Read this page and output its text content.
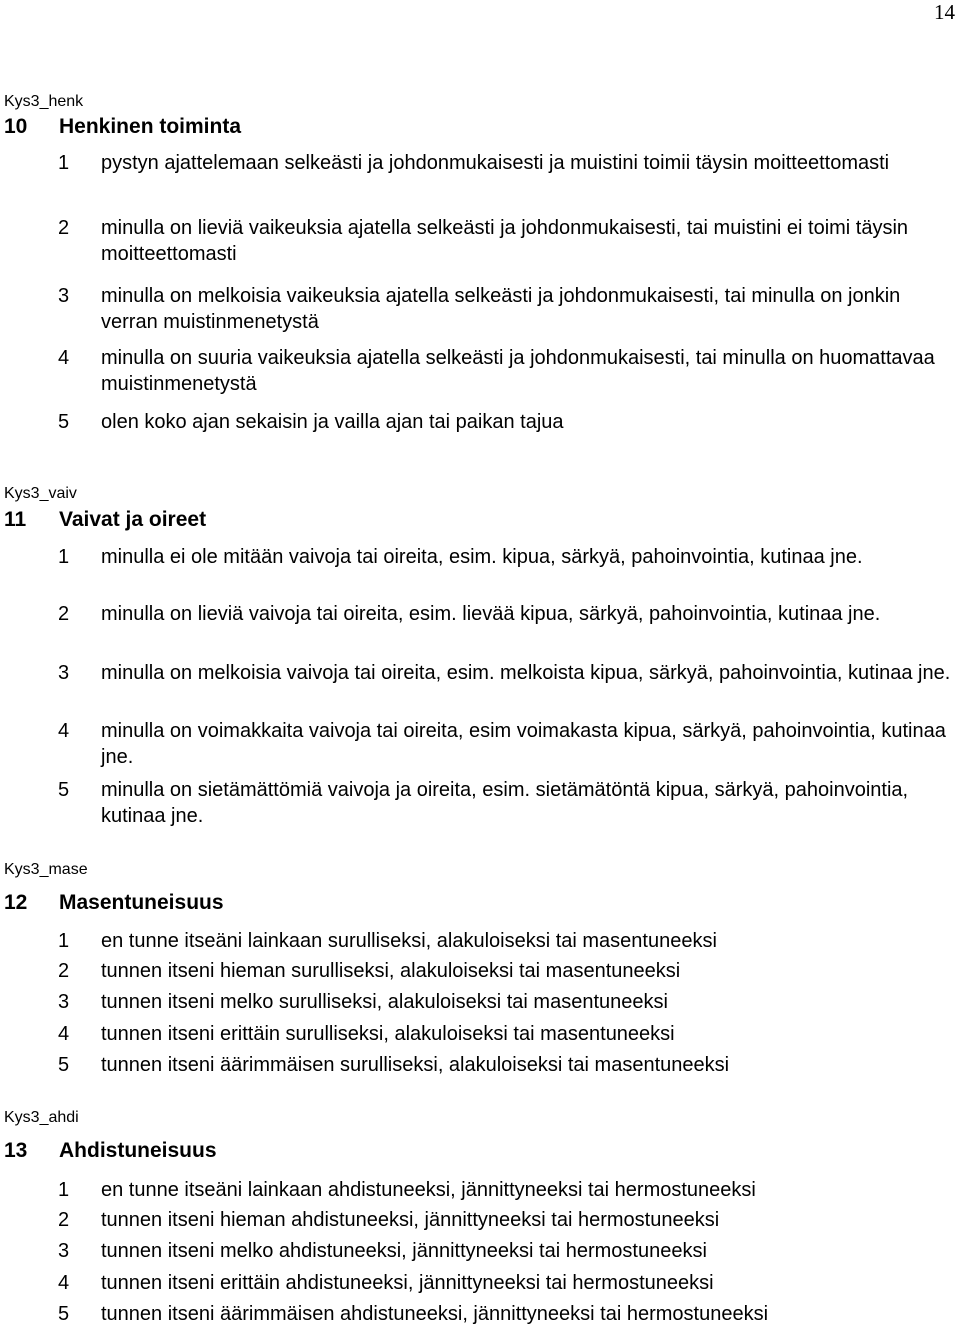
14
Kys3_henk
10 Henkinen toiminta
1 pystyn ajattelemaan selkeästi ja johdonmukaisesti ja muistini toimii täysin moitteettomasti
2 minulla on lieviä vaikeuksia ajatella selkeästi ja johdonmukaisesti, tai muistini ei toimi täysin moitteettomasti
3 minulla on melkoisia vaikeuksia ajatella selkeästi ja johdonmukaisesti, tai minulla on jonkin verran muistinmenetystä
4 minulla on suuria vaikeuksia ajatella selkeästi ja johdonmukaisesti, tai minulla on huomattavaa muistinmenetystä
5 olen koko ajan sekaisin ja vailla ajan tai paikan tajua
Kys3_vaiv
11 Vaivat ja oireet
1 minulla ei ole mitään vaivoja tai oireita, esim. kipua, särkyä, pahoinvointia, kutinaa jne.
2 minulla on lieviä vaivoja tai oireita, esim. lievää kipua, särkyä, pahoinvointia, kutinaa jne.
3 minulla on melkoisia vaivoja tai oireita, esim. melkoista kipua, särkyä, pahoinvointia, kutinaa jne.
4 minulla on voimakkaita vaivoja tai oireita, esim voimakasta kipua, särkyä, pahoinvointia, kutinaa jne.
5 minulla on sietämättömiä vaivoja ja oireita, esim. sietämätöntä kipua, särkyä, pahoinvointia, kutinaa jne.
Kys3_mase
12 Masentuneisuus
1 en tunne itseäni lainkaan surulliseksi, alakuloiseksi tai masentuneeksi
2 tunnen itseni hieman surulliseksi, alakuloiseksi tai masentuneeksi
3 tunnen itseni melko surulliseksi, alakuloiseksi tai masentuneeksi
4 tunnen itseni erittäin surulliseksi, alakuloiseksi tai masentuneeksi
5 tunnen itseni äärimmäisen surulliseksi, alakuloiseksi tai masentuneeksi
Kys3_ahdi
13 Ahdistuneisuus
1 en tunne itseäni lainkaan ahdistuneeksi, jännittyneeksi tai hermostuneeksi
2 tunnen itseni hieman ahdistuneeksi, jännittyneeksi tai hermostuneeksi
3 tunnen itseni melko ahdistuneeksi, jännittyneeksi tai hermostuneeksi
4 tunnen itseni erittäin ahdistuneeksi, jännittyneeksi tai hermostuneeksi
5 tunnen itseni äärimmäisen ahdistuneeksi, jännittyneeksi tai hermostuneeksi
